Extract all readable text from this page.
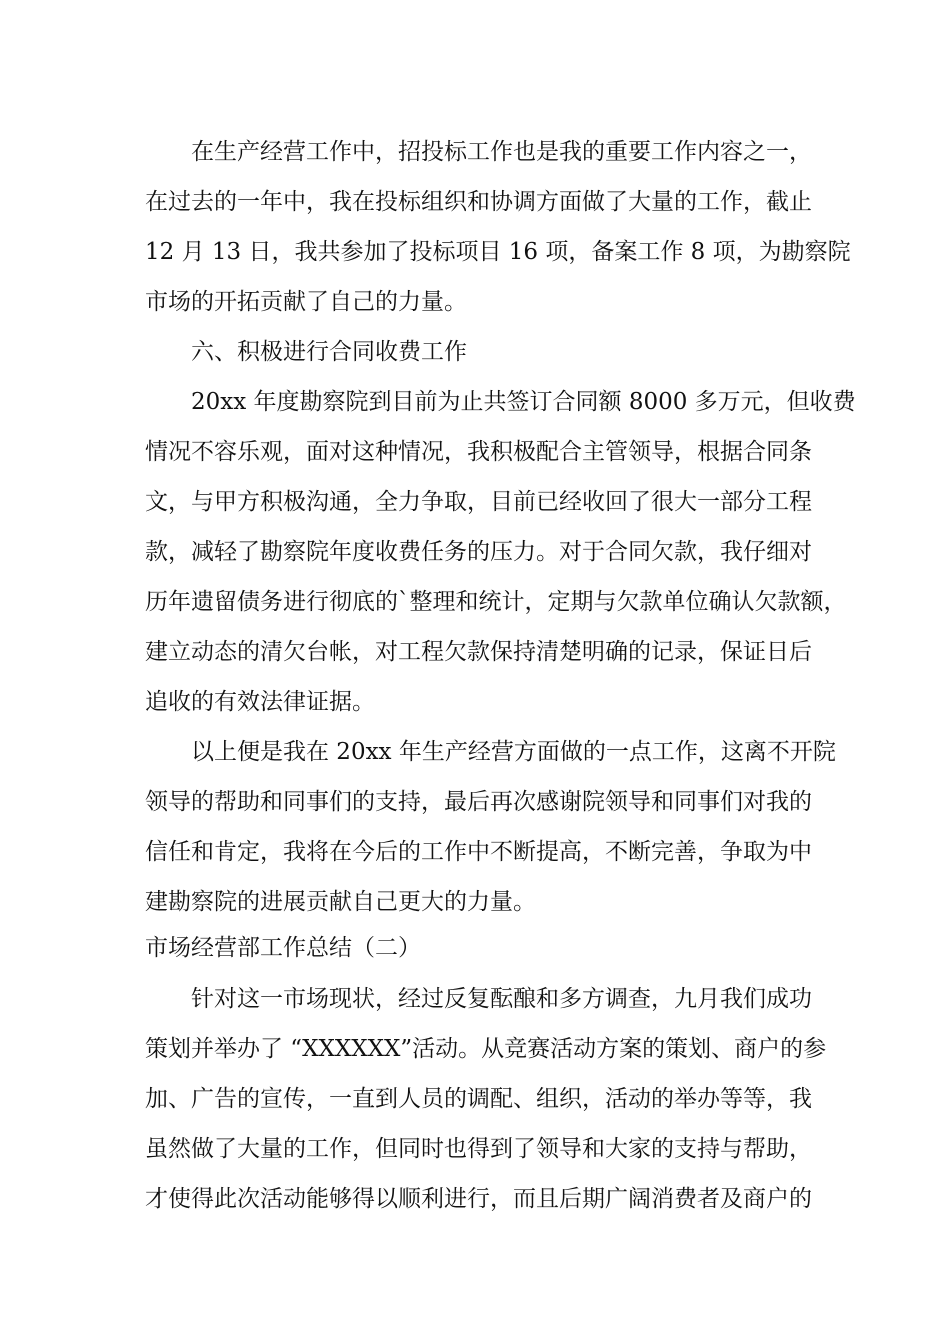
在生产经营工作中，招投标工作也是我的重要工作内容之一，
在过去的一年中，我在投标组织和协调方面做了大量的工作，截止
12 月 13 日，我共参加了投标项目 16 项，备案工作 8 项，为勘察院
市场的开拓贡献了自己的力量。
六、积极进行合同收费工作
20xx 年度勘察院到目前为止共签订合同额 8000 多万元，但收费
情况不容乐观，面对这种情况，我积极配合主管领导，根据合同条
文，与甲方积极沟通，全力争取，目前已经收回了很大一部分工程
款，减轻了勘察院年度收费任务的压力。对于合同欠款，我仔细对
历年遗留债务进行彻底的`整理和统计，定期与欠款单位确认欠款额，
建立动态的清欠台帐，对工程欠款保持清楚明确的记录，保证日后
追收的有效法律证据。
以上便是我在 20xx 年生产经营方面做的一点工作，这离不开院
领导的帮助和同事们的支持，最后再次感谢院领导和同事们对我的
信任和肯定，我将在今后的工作中不断提高，不断完善，争取为中
建勘察院的进展贡献自己更大的力量。
市场经营部工作总结（二）
针对这一市场现状，经过反复酝酿和多方调查，九月我们成功
策划并举办了 “XXXXXX”活动。从竞赛活动方案的策划、商户的参
加、广告的宣传，一直到人员的调配、组织，活动的举办等等，我
虽然做了大量的工作，但同时也得到了领导和大家的支持与帮助，
才使得此次活动能够得以顺利进行，而且后期广阔消费者及商户的
